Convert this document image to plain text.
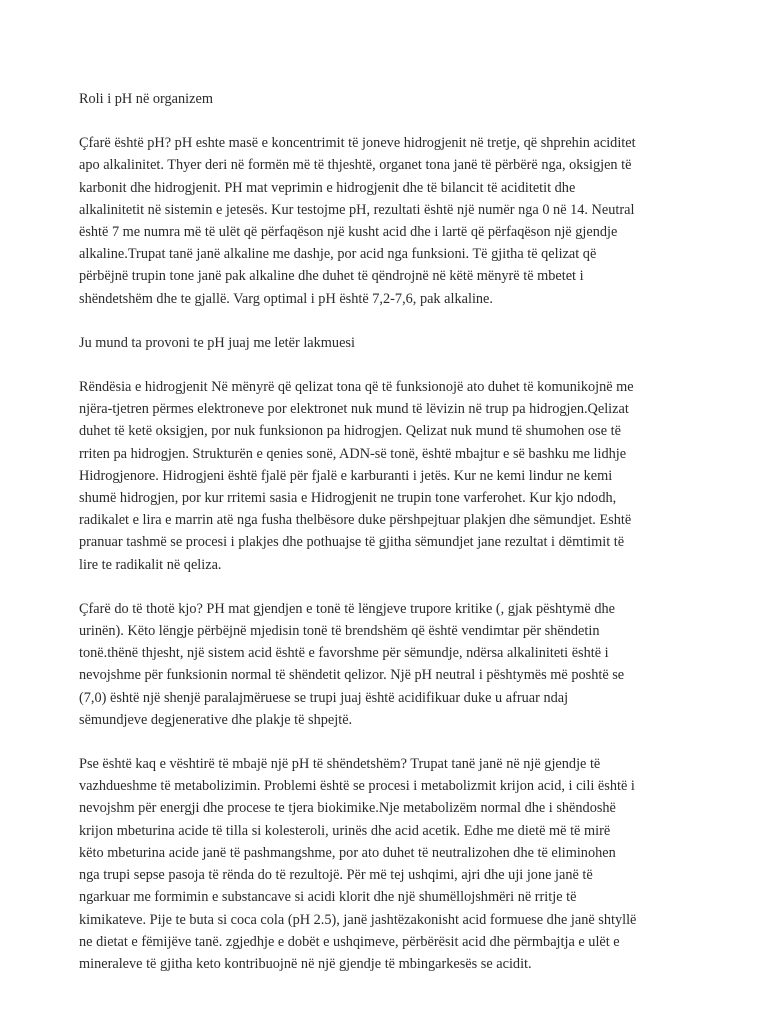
Roli i pH në organizem
Çfarë është pH? pH eshte masë e koncentrimit të joneve hidrogjenit në tretje, që shprehin aciditet
apo alkalinitet. Thyer deri në formën më të thjeshtë, organet tona janë të përbërë nga, oksigjen të
karbonit dhe hidrogjenit. PH mat veprimin e hidrogjenit dhe të bilancit të aciditetit dhe
alkalinitetit në sistemin e jetesës. Kur testojme pH, rezultati është një numër nga 0 në 14. Neutral
është 7 me numra më të ulët që përfaqëson një kusht acid dhe i lartë që përfaqëson një gjendje
alkaline.Trupat tanë janë alkaline me dashje, por acid nga funksioni. Të gjitha të qelizat që
përbëjnë trupin tone janë pak alkaline dhe duhet të qëndrojnë në këtë mënyrë të mbetet i
shëndetshëm dhe te gjallë. Varg optimal i pH është 7,2-7,6, pak alkaline.
Ju mund ta provoni te pH juaj me letër lakmuesi
Rëndësia e hidrogjenit Në mënyrë që qelizat tona që të funksionojë ato duhet të komunikojnë me
njëra-tjetren përmes elektroneve por elektronet nuk mund të lëvizin në trup pa hidrogjen.Qelizat
duhet të ketë oksigjen, por nuk funksionon pa hidrogjen. Qelizat nuk mund të shumohen ose të
rriten pa hidrogjen. Strukturën e qenies sonë, ADN-së tonë, është mbajtur e së bashku me lidhje
Hidrogjenore. Hidrogjeni është fjalë për fjalë e karburanti i jetës. Kur ne kemi lindur ne kemi
shumë hidrogjen, por kur rritemi sasia e Hidrogjenit ne trupin tone varferohet. Kur kjo ndodh,
radikalet e lira e marrin atë nga fusha thelbësore duke përshpejtuar plakjen dhe sëmundjet. Eshtë
pranuar tashmë se procesi i plakjes dhe pothuajse të gjitha sëmundjet jane rezultat i dëmtimit të
lire te radikalit në qeliza.
Çfarë do të thotë kjo? PH mat gjendjen e tonë të lëngjeve trupore kritike (, gjak pështymë dhe
urinën). Këto lëngje përbëjnë mjedisin tonë të brendshëm që është vendimtar për shëndetin
tonë.thënë thjesht, një sistem acid është e favorshme për sëmundje, ndërsa alkaliniteti është i
nevojshme për funksionin normal të shëndetit qelizor. Një pH neutral i pështymës më poshtë se
(7,0) është një shenjë paralajmëruese se trupi juaj është acidifikuar duke u afruar ndaj
sëmundjeve degjenerative dhe plakje të shpejtë.
Pse është kaq e vështirë të mbajë një pH të shëndetshëm? Trupat tanë janë në një gjendje të
vazhdueshme të metabolizimin. Problemi është se procesi i metabolizmit krijon acid, i cili është i
nevojshm për energji dhe procese te tjera biokimike.Nje metabolizëm normal dhe i shëndoshë
krijon mbeturina acide të tilla si kolesteroli, urinës dhe acid acetik. Edhe me dietë më të mirë
këto mbeturina acide janë të pashmangshme, por ato duhet të neutralizohen dhe të eliminohen
nga trupi sepse pasoja të rënda do të rezultojë. Për më tej ushqimi, ajri dhe uji jone janë të
ngarkuar me formimin e substancave si acidi klorit dhe një shumëllojshmëri në rritje të
kimikateve. Pije te buta si coca cola (pH 2.5), janë jashtëzakonisht acid formuese dhe janë shtyllë
ne dietat e fëmijëve tanë. zgjedhje e dobët e ushqimeve, përbërësit acid dhe përmbajtja e ulët e
mineraleve të gjitha keto kontribuojnë në një gjendje të mbingarkesës se acidit.
